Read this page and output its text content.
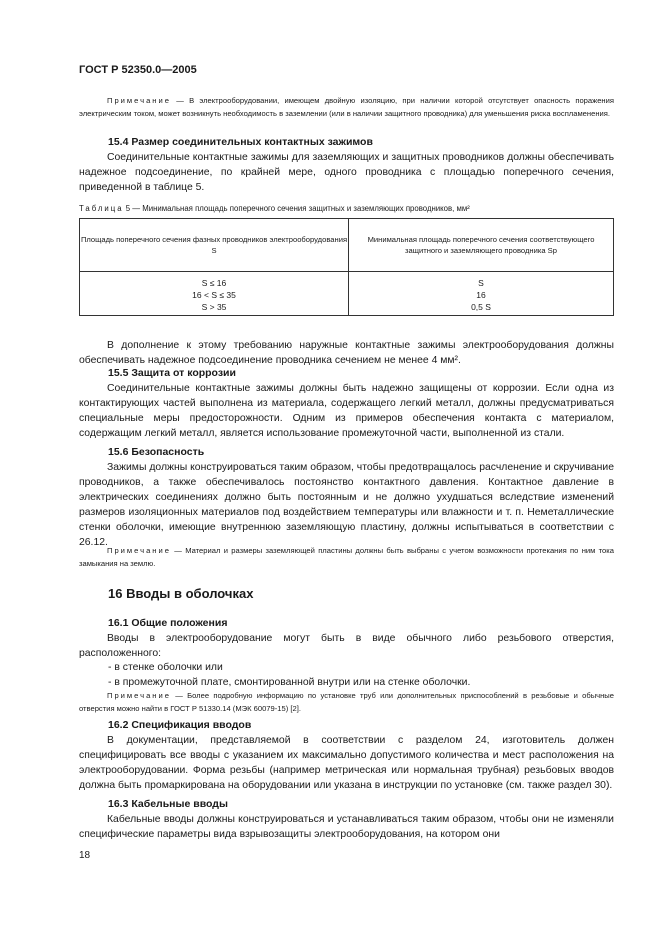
ГОСТ Р 52350.0—2005
Примечание — В электрооборудовании, имеющем двойную изоляцию, при наличии которой отсутствует опасность поражения электрическим током, может возникнуть необходимость в заземлении (или в наличии защитного проводника) для уменьшения риска воспламенения.
15.4 Размер соединительных контактных зажимов
Соединительные контактные зажимы для заземляющих и защитных проводников должны обеспечивать надежное подсоединение, по крайней мере, одного проводника с площадью поперечного сечения, приведенной в таблице 5.
Таблица 5 — Минимальная площадь поперечного сечения защитных и заземляющих проводников, мм²
Площадь поперечного сечения фазных проводников электрооборудования S
Минимальная площадь поперечного сечения соответствующего защитного и заземляющего проводника Sр
S ≤ 16
16 < S ≤ 35
S > 35
S
16
0,5 S
В дополнение к этому требованию наружные контактные зажимы электрооборудования должны обеспечивать надежное подсоединение проводника сечением не менее 4 мм².
15.5 Защита от коррозии
Соединительные контактные зажимы должны быть надежно защищены от коррозии. Если одна из контактирующих частей выполнена из материала, содержащего легкий металл, должны предусматриваться специальные меры предосторожности. Одним из примеров обеспечения контакта с материалом, содержащим легкий металл, является использование промежуточной части, выполненной из стали.
15.6 Безопасность
Зажимы должны конструироваться таким образом, чтобы предотвращалось расчленение и скручивание проводников, а также обеспечивалось постоянство контактного давления. Контактное давление в электрических соединениях должно быть постоянным и не должно ухудшаться вследствие изменений размеров изоляционных материалов под воздействием температуры или влажности и т. п. Неметаллические стенки оболочки, имеющие внутреннюю заземляющую пластину, должны испытываться в соответствии с 26.12.
Примечание — Материал и размеры заземляющей пластины должны быть выбраны с учетом возможности протекания по ним тока замыкания на землю.
16 Вводы в оболочках
16.1 Общие положения
Вводы в электрооборудование могут быть в виде обычного либо резьбового отверстия, расположенного:
- в стенке оболочки или
- в промежуточной плате, смонтированной внутри или на стенке оболочки.
Примечание — Более подробную информацию по установке труб или дополнительных приспособлений в резьбовые и обычные отверстия можно найти в ГОСТ Р 51330.14 (МЭК 60079-15) [2].
16.2 Спецификация вводов
В документации, представляемой в соответствии с разделом 24, изготовитель должен специфицировать все вводы с указанием их максимально допустимого количества и мест расположения на электрооборудовании. Форма резьбы (например метрическая или нормальная трубная) резьбовых вводов должна быть промаркирована на оборудовании или указана в инструкции по установке (см. также раздел 30).
16.3 Кабельные вводы
Кабельные вводы должны конструироваться и устанавливаться таким образом, чтобы они не изменяли специфические параметры вида взрывозащиты электрооборудования, на котором они
18
